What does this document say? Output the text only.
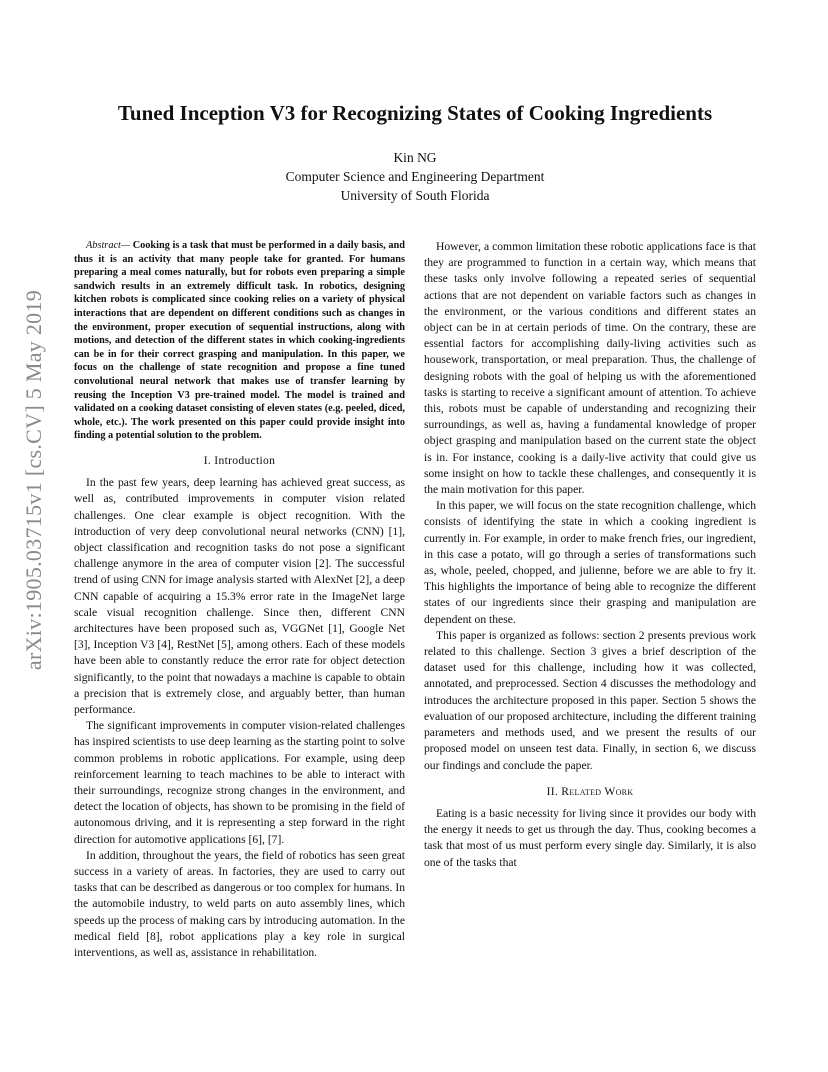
arXiv:1905.03715v1 [cs.CV] 5 May 2019
Tuned Inception V3 for Recognizing States of Cooking Ingredients
Kin NG
Computer Science and Engineering Department
University of South Florida

Abstract— Cooking is a task that must be performed in a daily basis, and thus it is an activity that many people take for granted. For humans preparing a meal comes naturally, but for robots even preparing a simple sandwich results in an extremely difficult task. In robotics, designing kitchen robots is complicated since cooking relies on a variety of physical interactions that are dependent on different conditions such as changes in the environment, proper execution of sequential instructions, along with motions, and detection of the different states in which cooking-ingredients can be in for their correct grasping and manipulation. In this paper, we focus on the challenge of state recognition and propose a fine tuned convolutional neural network that makes use of transfer learning by reusing the Inception V3 pre-trained model. The model is trained and validated on a cooking dataset consisting of eleven states (e.g. peeled, diced, whole, etc.). The work presented on this paper could provide insight into finding a potential solution to the problem.

I. Introduction

In the past few years, deep learning has achieved great success, as well as, contributed improvements in computer vision related challenges. One clear example is object recognition. With the introduction of very deep convolutional neural networks (CNN) [1], object classification and recognition tasks do not pose a significant challenge anymore in the area of computer vision [2]. The successful trend of using CNN for image analysis started with AlexNet [2], a deep CNN capable of acquiring a 15.3% error rate in the ImageNet large scale visual recognition challenge. Since then, different CNN architectures have been proposed such as, VGGNet [1], Google Net [3], Inception V3 [4], RestNet [5], among others. Each of these models have been able to constantly reduce the error rate for object detection significantly, to the point that nowadays a machine is capable to obtain a precision that is extremely close, and arguably better, than human performance.

The significant improvements in computer vision-related challenges has inspired scientists to use deep learning as the starting point to solve common problems in robotic applications. For example, using deep reinforcement learning to teach machines to be able to interact with their surroundings, recognize strong changes in the environment, and detect the location of objects, has shown to be promising in the field of autonomous driving, and it is representing a step forward in the right direction for automotive applications [6], [7].

In addition, throughout the years, the field of robotics has seen great success in a variety of areas. In factories, they are used to carry out tasks that can be described as dangerous or too complex for humans. In the automobile industry, to weld parts on auto assembly lines, which speeds up the process of making cars by introducing automation. In the medical field [8], robot applications play a key role in surgical interventions, as well as, assistance in rehabilitation.

However, a common limitation these robotic applications face is that they are programmed to function in a certain way, which means that these tasks only involve following a repeated series of sequential actions that are not dependent on variable factors such as changes in the environment, or the various conditions and different states an object can be in at certain periods of time. On the contrary, these are essential factors for accomplishing daily-living activities such as housework, transportation, or meal preparation. Thus, the challenge of designing robots with the goal of helping us with the aforementioned tasks is starting to receive a significant amount of attention. To achieve this, robots must be capable of understanding and recognizing their surroundings, as well as, having a fundamental knowledge of proper object grasping and manipulation based on the current state the object is in. For instance, cooking is a daily-live activity that could give us some insight on how to tackle these challenges, and consequently it is the main motivation for this paper.

In this paper, we will focus on the state recognition challenge, which consists of identifying the state in which a cooking ingredient is currently in. For example, in order to make french fries, our ingredient, in this case a potato, will go through a series of transformations such as, whole, peeled, chopped, and julienne, before we are able to fry it. This highlights the importance of being able to recognize the different states of our ingredients since their grasping and manipulation are dependent on these.

This paper is organized as follows: section 2 presents previous work related to this challenge. Section 3 gives a brief description of the dataset used for this challenge, including how it was collected, annotated, and preprocessed. Section 4 discusses the methodology and introduces the architecture proposed in this paper. Section 5 shows the evaluation of our proposed architecture, including the different training parameters and methods used, and we present the results of our proposed model on unseen test data. Finally, in section 6, we discuss our findings and conclude the paper.

II. Related Work

Eating is a basic necessity for living since it provides our body with the energy it needs to get us through the day. Thus, cooking becomes a task that most of us must perform every single day. Similarly, it is also one of the tasks that
